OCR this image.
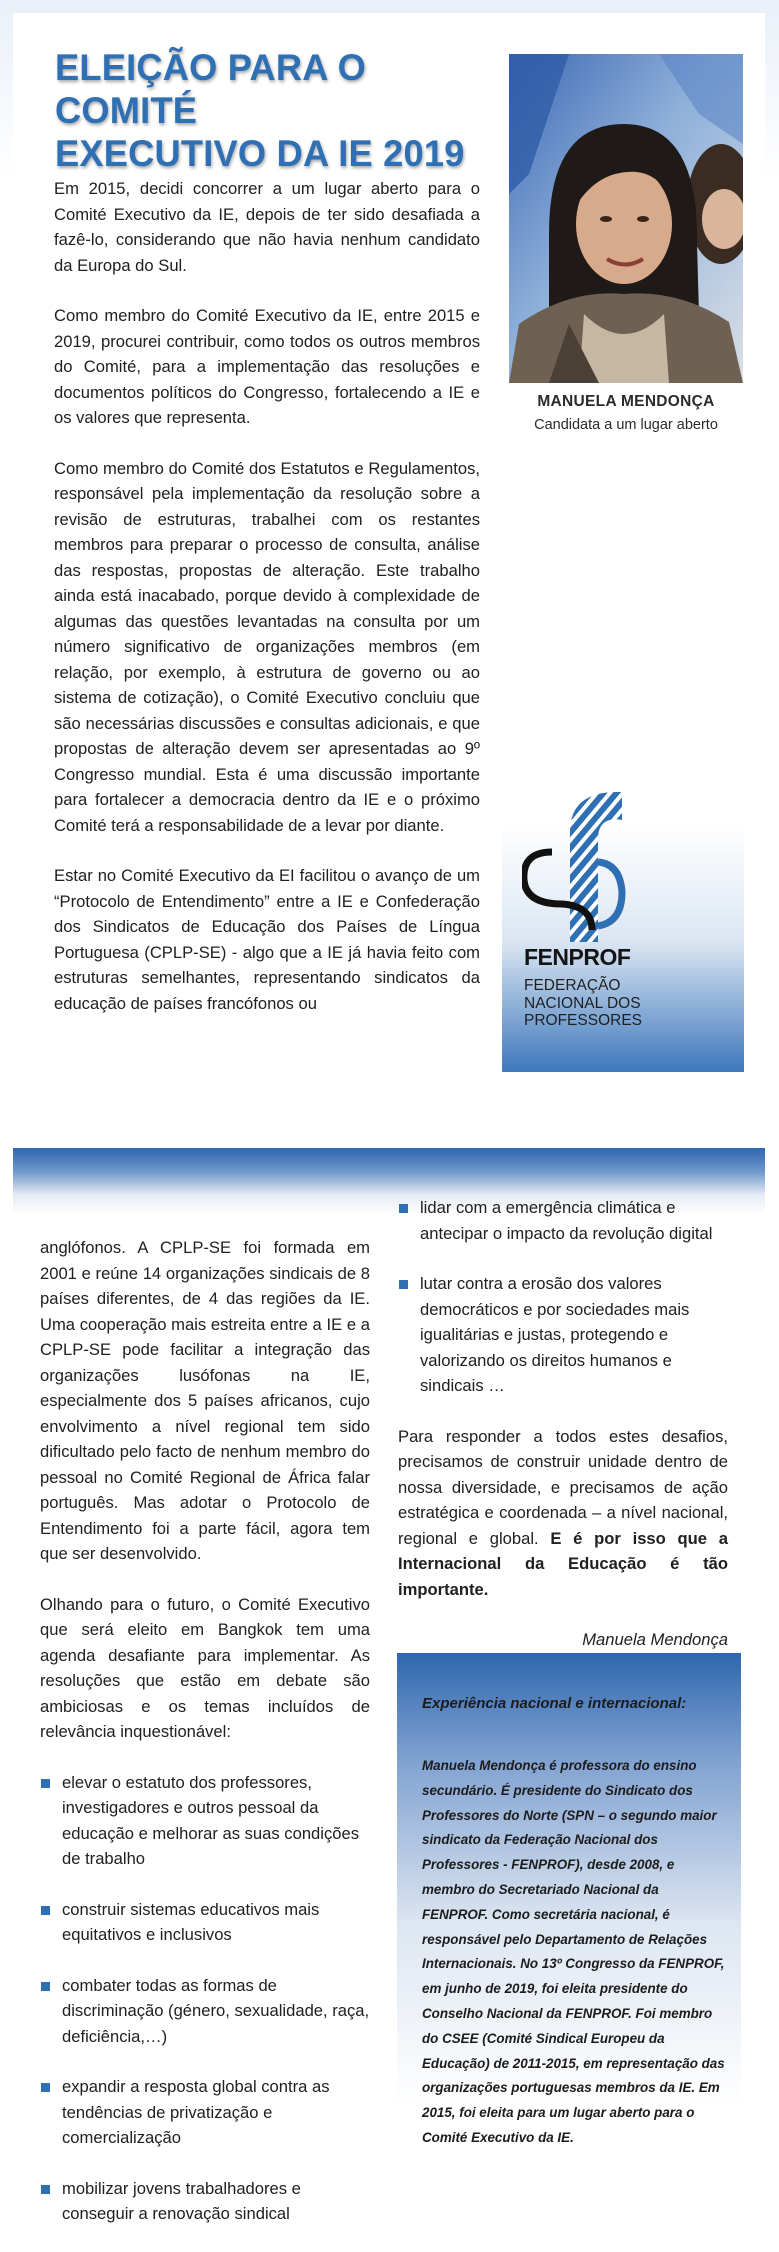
ELEIÇÃO PARA O COMITÉ
EXECUTIVO DA IE 2019

Em 2015, decidi concorrer a um lugar aberto para o Comité Executivo da IE, depois de ter sido desafiada a fazê-lo, considerando que não havia nenhum candidato da Europa do Sul.

Como membro do Comité Executivo da IE, entre 2015 e 2019, procurei contribuir, como todos os outros membros do Comité, para a implementação das resoluções e documentos políticos do Congresso, fortalecendo a IE e os valores que representa.

Como membro do Comité dos Estatutos e Regulamentos, responsável pela implementação da resolução sobre a revisão de estruturas, trabalhei com os restantes membros para preparar o processo de consulta, análise das respostas, propostas de alteração. Este trabalho ainda está inacabado, porque devido à complexidade de algumas das questões levantadas na consulta por um número significativo de organizações membros (em relação, por exemplo, à estrutura de governo ou ao sistema de cotização), o Comité Executivo concluiu que são necessárias discussões e consultas adicionais, e que propostas de alteração devem ser apresentadas ao 9º Congresso mundial. Esta é uma discussão importante para fortalecer a democracia dentro da IE e o próximo Comité terá a responsabilidade de a levar por diante.

Estar no Comité Executivo da EI facilitou o avanço de um “Protocolo de Entendimento” entre a IE e Confederação dos Sindicatos de Educação dos Países de Língua Portuguesa (CPLP-SE) - algo que a IE já havia feito com estruturas semelhantes, representando sindicatos da educação de países francófonos ou

MANUELA MENDONÇA
Candidata a um lugar aberto
FENPROF
FEDERAÇÃO
NACIONAL DOS
PROFESSORES

anglófonos. A CPLP-SE foi formada em 2001 e reúne 14 organizações sindicais de 8 países diferentes, de 4 das regiões da IE. Uma cooperação mais estreita entre a IE e a CPLP-SE pode facilitar a integração das organizações lusófonas na IE, especialmente dos 5 países africanos, cujo envolvimento a nível regional tem sido dificultado pelo facto de nenhum membro do pessoal no Comité Regional de África falar português. Mas adotar o Protocolo de Entendimento foi a parte fácil, agora tem que ser desenvolvido.

Olhando para o futuro, o Comité Executivo que será eleito em Bangkok tem uma agenda desafiante para implementar. As resoluções que estão em debate são ambiciosas e os temas incluídos de relevância inquestionável:

elevar o estatuto dos professores, investigadores e outros pessoal da educação e melhorar as suas condições de trabalho
construir sistemas educativos mais equitativos e inclusivos
combater todas as formas de discriminação (género, sexualidade, raça, deficiência,…)
expandir a resposta global contra as tendências de privatização e comercialização
mobilizar jovens trabalhadores e conseguir a renovação sindical
lidar com a emergência climática e antecipar o impacto da revolução digital
lutar contra a erosão dos valores democráticos e por sociedades mais igualitárias e justas, protegendo e valorizando os direitos humanos e sindicais …

Para responder a todos estes desafios, precisamos de construir unidade dentro de nossa diversidade, e precisamos de ação estratégica e coordenada – a nível nacional, regional e global. E é por isso que a Internacional da Educação é tão importante.

Manuela Mendonça

Experiência nacional e internacional:
Manuela Mendonça é professora do ensino secundário. É presidente do Sindicato dos Professores do Norte (SPN – o segundo maior sindicato da Federação Nacional dos Professores - FENPROF), desde 2008, e membro do Secretariado Nacional da FENPROF. Como secretária nacional, é responsável pelo Departamento de Relações Internacionais. No 13º Congresso da FENPROF, em junho de 2019, foi eleita presidente do Conselho Nacional da FENPROF. Foi membro do CSEE (Comité Sindical Europeu da Educação) de 2011-2015, em representação das organizações portuguesas membros da IE. Em 2015, foi eleita para um lugar aberto para o Comité Executivo da IE.
